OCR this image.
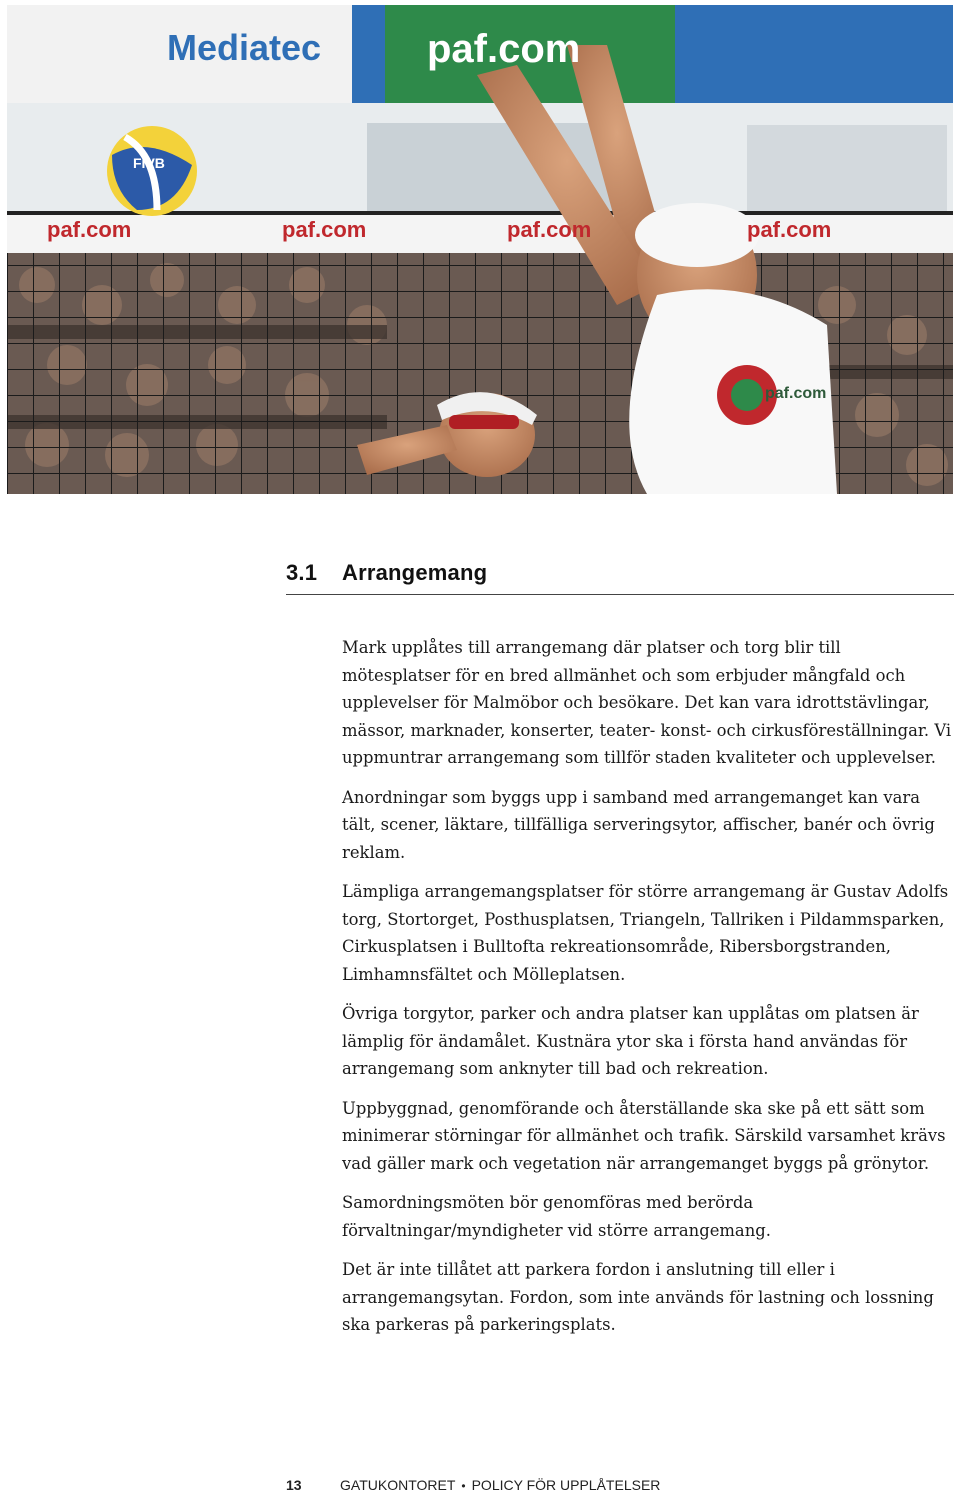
Mediatec	paf.com
paf.com	paf.com	paf.com	paf.com
FIVB
paf.com
3.1 Arrangemang

Mark upplåtes till arrangemang där platser och torg blir till mötesplatser för en bred allmänhet och som erbjuder mångfald och upplevelser för Malmöbor och besökare. Det kan vara idrottstävlingar, mässor, marknader, konserter, teater- konst- och cirkusföreställningar. Vi uppmuntrar arrangemang som tillför staden kvaliteter och upplevelser.

Anordningar som byggs upp i samband med arrangemanget kan vara tält, scener, läktare, tillfälliga serveringsytor, affischer, banér och övrig reklam.

Lämpliga arrangemangsplatser för större arrangemang är Gustav Adolfs torg, Stortorget, Posthusplatsen, Triangeln, Tallriken i Pildammsparken, Cirkusplatsen i Bulltofta rekreationsområde, Ribersborgstranden, Limhamnsfältet och Mölleplatsen.

Övriga torgytor, parker och andra platser kan upplåtas om platsen är lämplig för ändamålet. Kustnära ytor ska i första hand användas för arrangemang som anknyter till bad och rekreation.

Uppbyggnad, genomförande och återställande ska ske på ett sätt som minimerar störningar för allmänhet och trafik. Särskild varsamhet krävs vad gäller mark och vegetation när arrangemanget byggs på grönytor.

Samordningsmöten bör genomföras med berörda förvaltningar/myndigheter vid större arrangemang.

Det är inte tillåtet att parkera fordon i anslutning till eller i arrangemangsytan. Fordon, som inte används för lastning och lossning ska parkeras på parkeringsplats.

13	GATUKONTORET • POLICY FÖR UPPLÅTELSER
